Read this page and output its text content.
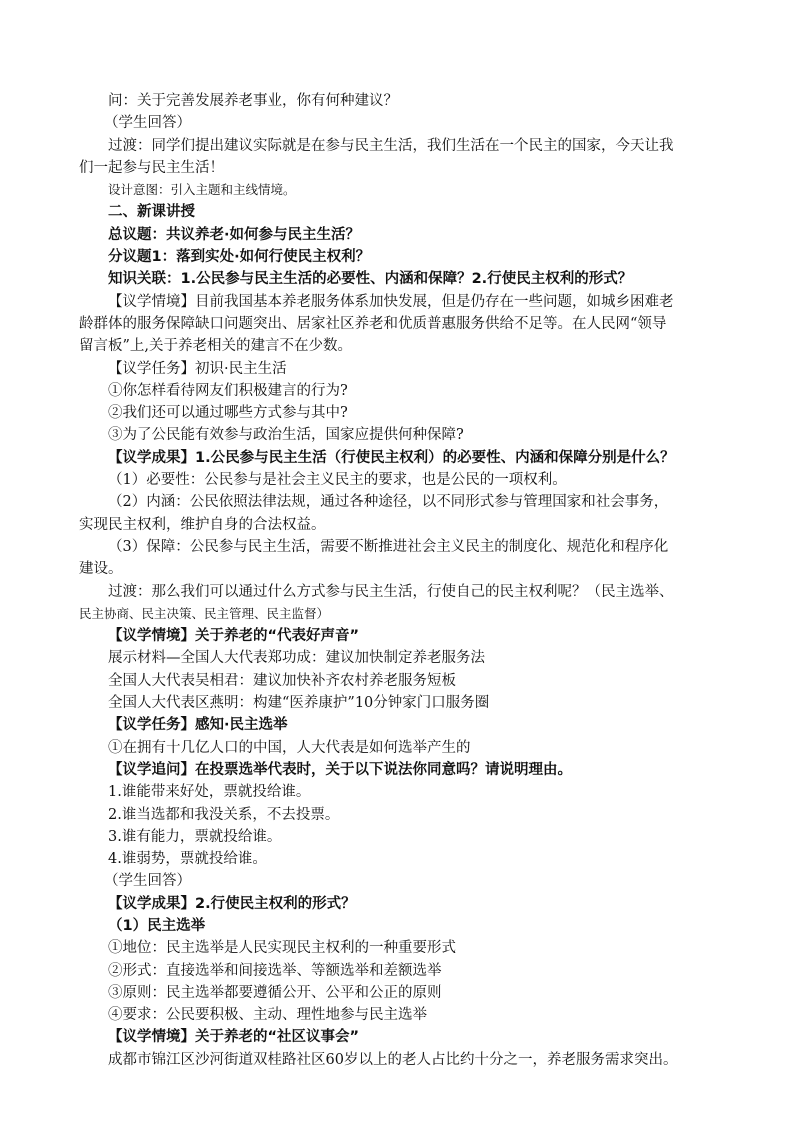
问：关于完善发展养老事业，你有何种建议？
（学生回答）
过渡：同学们提出建议实际就是在参与民主生活，我们生活在一个民主的国家，今天让我
们一起参与民主生活！
设计意图：引入主题和主线情境。
二、新课讲授
总议题：共议养老·如何参与民主生活？
分议题1：落到实处·如何行使民主权利？
知识关联：1.公民参与民主生活的必要性、内涵和保障？2.行使民主权利的形式？
【议学情境】目前我国基本养老服务体系加快发展，但是仍存在一些问题，如城乡困难老
龄群体的服务保障缺口问题突出、居家社区养老和优质普惠服务供给不足等。在人民网“领导
留言板”上,关于养老相关的建言不在少数。
【议学任务】初识·民主生活
①你怎样看待网友们积极建言的行为?
②我们还可以通过哪些方式参与其中?
③为了公民能有效参与政治生活，国家应提供何种保障?
【议学成果】1.公民参与民主生活（行使民主权利）的必要性、内涵和保障分别是什么？
（1）必要性：公民参与是社会主义民主的要求，也是公民的一项权利。
（2）内涵：公民依照法律法规，通过各种途径，以不同形式参与管理国家和社会事务，
实现民主权利，维护自身的合法权益。
（3）保障：公民参与民主生活，需要不断推进社会主义民主的制度化、规范化和程序化
建设。
过渡：那么我们可以通过什么方式参与民主生活，行使自己的民主权利呢？（民主选举、
民主协商、民主决策、民主管理、民主监督）
【议学情境】关于养老的“代表好声音”
展示材料—全国人大代表郑功成：建议加快制定养老服务法
全国人大代表吴相君：建议加快补齐农村养老服务短板
全国人大代表区燕明：构建“医养康护”10分钟家门口服务圈
【议学任务】感知·民主选举
①在拥有十几亿人口的中国，人大代表是如何选举产生的
【议学追问】在投票选举代表时，关于以下说法你同意吗？请说明理由。
1.谁能带来好处，票就投给谁。
2.谁当选都和我没关系，不去投票。
3.谁有能力，票就投给谁。
4.谁弱势，票就投给谁。
（学生回答）
【议学成果】2.行使民主权利的形式？
（1）民主选举
①地位：民主选举是人民实现民主权利的一种重要形式
②形式：直接选举和间接选举、等额选举和差额选举
③原则：民主选举都要遵循公开、公平和公正的原则
④要求：公民要积极、主动、理性地参与民主选举
【议学情境】关于养老的“社区议事会”
成都市锦江区沙河街道双桂路社区60岁以上的老人占比约十分之一，养老服务需求突出。
